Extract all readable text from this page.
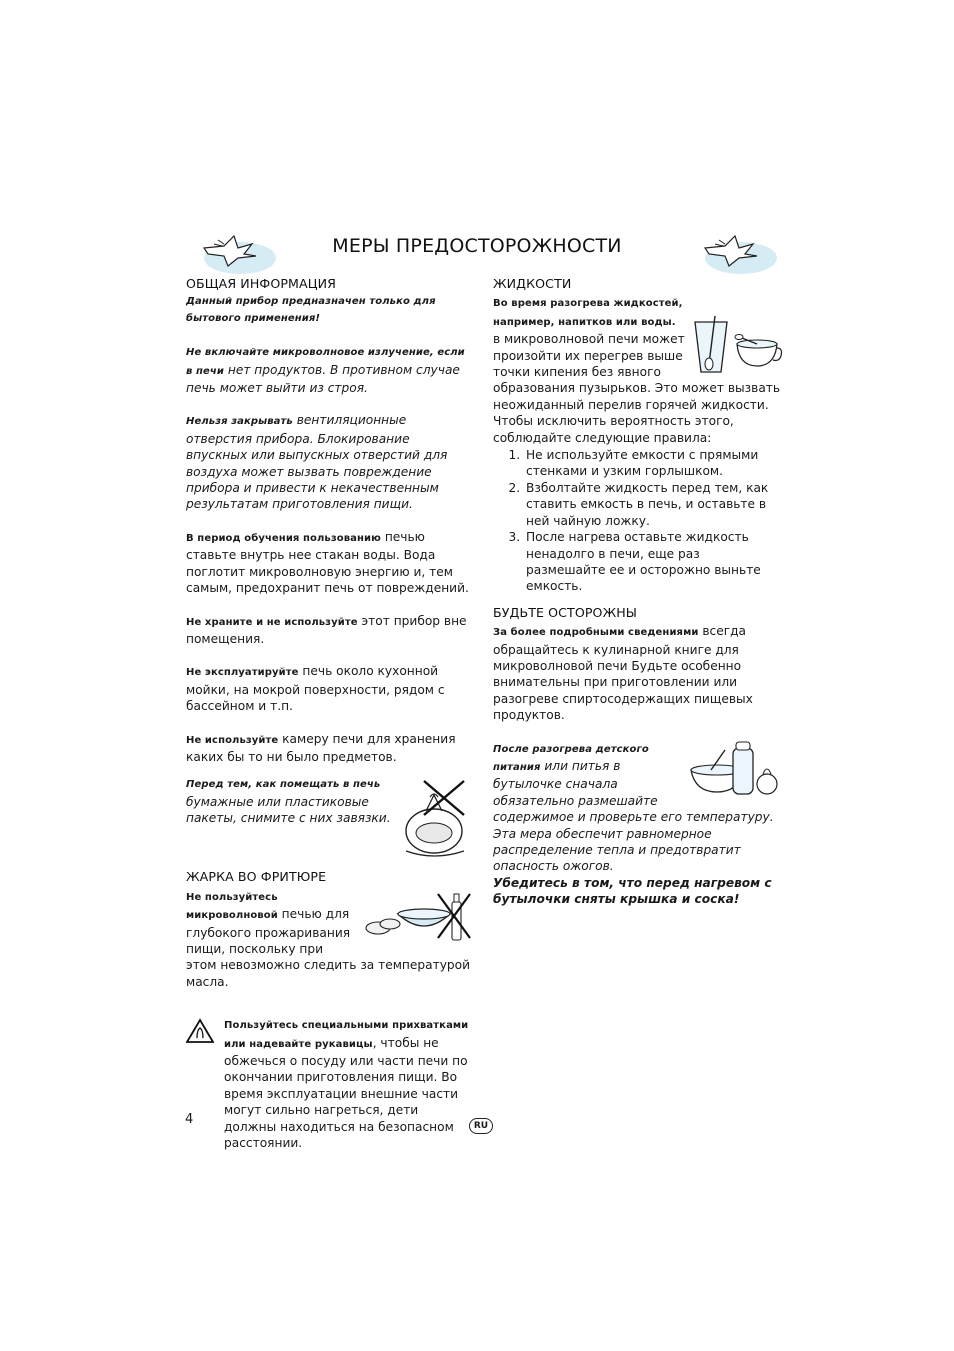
МЕРЫ ПРЕДОСТОРОЖНОСТИ
ОБЩАЯ ИНФОРМАЦИЯ

Данный прибор предназначен только для бытового применения!

Не включайте микроволновое излучение, если в печи нет продуктов. В противном случае печь может выйти из строя.

Нельзя закрывать вентиляционные отверстия прибора. Блокирование впускных или выпускных отверстий для воздуха может вызвать повреждение прибора и привести к некачественным результатам приготовления пищи.

В период обучения пользованию печью ставьте внутрь нее стакан воды. Вода поглотит микроволновую энергию и, тем самым, предохранит печь от повреждений.

Не храните и не используйте этот прибор вне помещения.

Не эксплуатируйте печь около кухонной мойки, на мокрой поверхности, рядом с бассейном и т.п.

Не используйте камеру печи для хранения каких бы то ни было предметов.

Перед тем, как помещать в печь бумажные или пластиковые пакеты, снимите с них завязки.

ЖАРКА ВО ФРИТЮРЕ

Не пользуйтесь микроволновой печью для глубокого прожаривания пищи, поскольку при этом невозможно следить за температурой масла.

Пользуйтесь специальными прихватками или надевайте рукавицы, чтобы не обжечься о посуду или части печи по окончании приготовления пищи. Во время эксплуатации внешние части могут сильно нагреться, дети должны находиться на безопасном расстоянии.

ЖИДКОСТИ

Во время разогрева жидкостей, например, напитков или воды. в микроволновой печи может произойти их перегрев выше точки кипения без явного образования пузырьков. Это может вызвать неожиданный перелив горячей жидкости. Чтобы исключить вероятность этого, соблюдайте следующие правила:

1. Не используйте емкости с прямыми стенками и узким горлышком.
2. Взболтайте жидкость перед тем, как ставить емкость в печь, и оставьте в ней чайную ложку.
3. После нагрева оставьте жидкость ненадолго в печи, еще раз размешайте ее и осторожно выньте емкость.
БУДЬТЕ ОСТОРОЖНЫ

За более подробными сведениями всегда обращайтесь к кулинарной книге для микроволновой печи Будьте особенно внимательны при приготовлении или разогреве спиртосодержащих пищевых продуктов.

После разогрева детского питания или питья в бутылочке сначала обязательно размешайте содержимое и проверьте его температуру. Эта мера обеспечит равномерное распределение тепла и предотвратит опасность ожогов.

Убедитесь в том, что перед нагревом с бутылочки сняты крышка и соска!

4	RU
